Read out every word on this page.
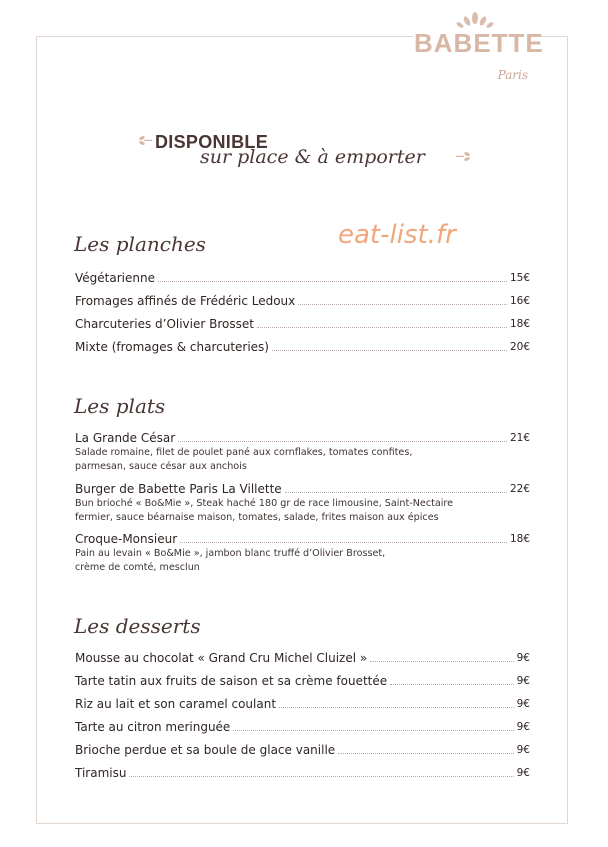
BABETTE
Paris
DISPONIBLE
sur place & à emporter
eat-list.fr
Les planches
Végétarienne	15€
Fromages affinés de Frédéric Ledoux	16€
Charcuteries d’Olivier Brosset	18€
Mixte (fromages & charcuteries)	20€
Les plats
La Grande César	21€
Salade romaine, filet de poulet pané aux cornflakes, tomates confites,
parmesan, sauce césar aux anchois
Burger de Babette Paris La Villette	22€
Bun brioché « Bo&Mie », Steak haché 180 gr de race limousine, Saint-Nectaire
fermier, sauce béarnaise maison, tomates, salade, frites maison aux épices
Croque-Monsieur	18€
Pain au levain « Bo&Mie », jambon blanc truffé d’Olivier Brosset,
crème de comté, mesclun
Les desserts
Mousse au chocolat « Grand Cru Michel Cluizel »	9€
Tarte tatin aux fruits de saison et sa crème fouettée	9€
Riz au lait et son caramel coulant	9€
Tarte au citron meringuée	9€
Brioche perdue et sa boule de glace vanille	9€
Tiramisu	9€
